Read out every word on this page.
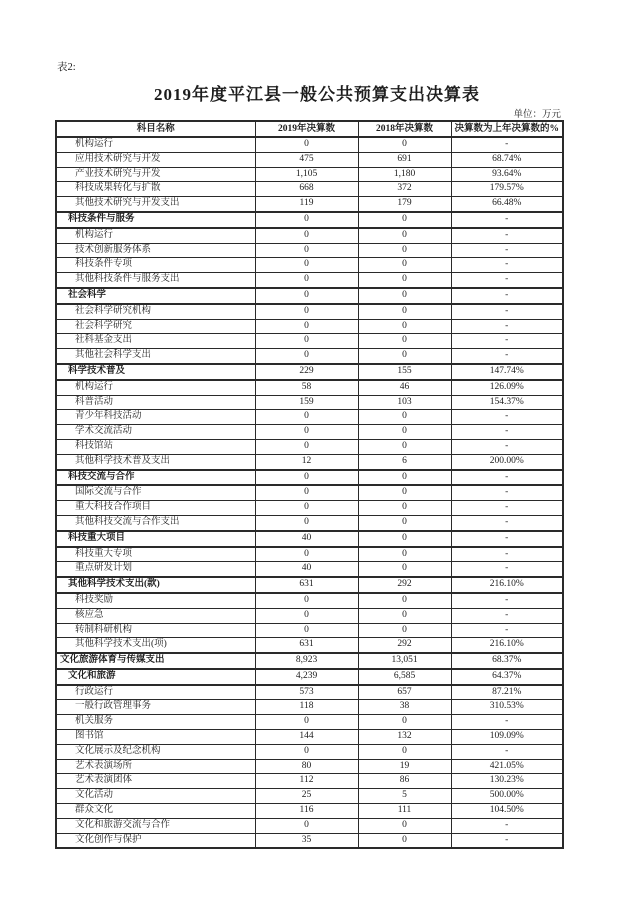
表2:
2019年度平江县一般公共预算支出决算表
单位：万元
科目名称	2019年决算数	2018年决算数	决算数为上年决算数的%
机构运行	0	0	-
应用技术研究与开发	475	691	68.74%
产业技术研究与开发	1,105	1,180	93.64%
科技成果转化与扩散	668	372	179.57%
其他技术研究与开发支出	119	179	66.48%
科技条件与服务	0	0	-
机构运行	0	0	-
技术创新服务体系	0	0	-
科技条件专项	0	0	-
其他科技条件与服务支出	0	0	-
社会科学	0	0	-
社会科学研究机构	0	0	-
社会科学研究	0	0	-
社科基金支出	0	0	-
其他社会科学支出	0	0	-
科学技术普及	229	155	147.74%
机构运行	58	46	126.09%
科普活动	159	103	154.37%
青少年科技活动	0	0	-
学术交流活动	0	0	-
科技馆站	0	0	-
其他科学技术普及支出	12	6	200.00%
科技交流与合作	0	0	-
国际交流与合作	0	0	-
重大科技合作项目	0	0	-
其他科技交流与合作支出	0	0	-
科技重大项目	40	0	-
科技重大专项	0	0	-
重点研发计划	40	0	-
其他科学技术支出(款)	631	292	216.10%
科技奖励	0	0	-
核应急	0	0	-
转制科研机构	0	0	-
其他科学技术支出(项)	631	292	216.10%
文化旅游体育与传媒支出	8,923	13,051	68.37%
文化和旅游	4,239	6,585	64.37%
行政运行	573	657	87.21%
一般行政管理事务	118	38	310.53%
机关服务	0	0	-
图书馆	144	132	109.09%
文化展示及纪念机构	0	0	-
艺术表演场所	80	19	421.05%
艺术表演团体	112	86	130.23%
文化活动	25	5	500.00%
群众文化	116	111	104.50%
文化和旅游交流与合作	0	0	-
文化创作与保护	35	0	-
